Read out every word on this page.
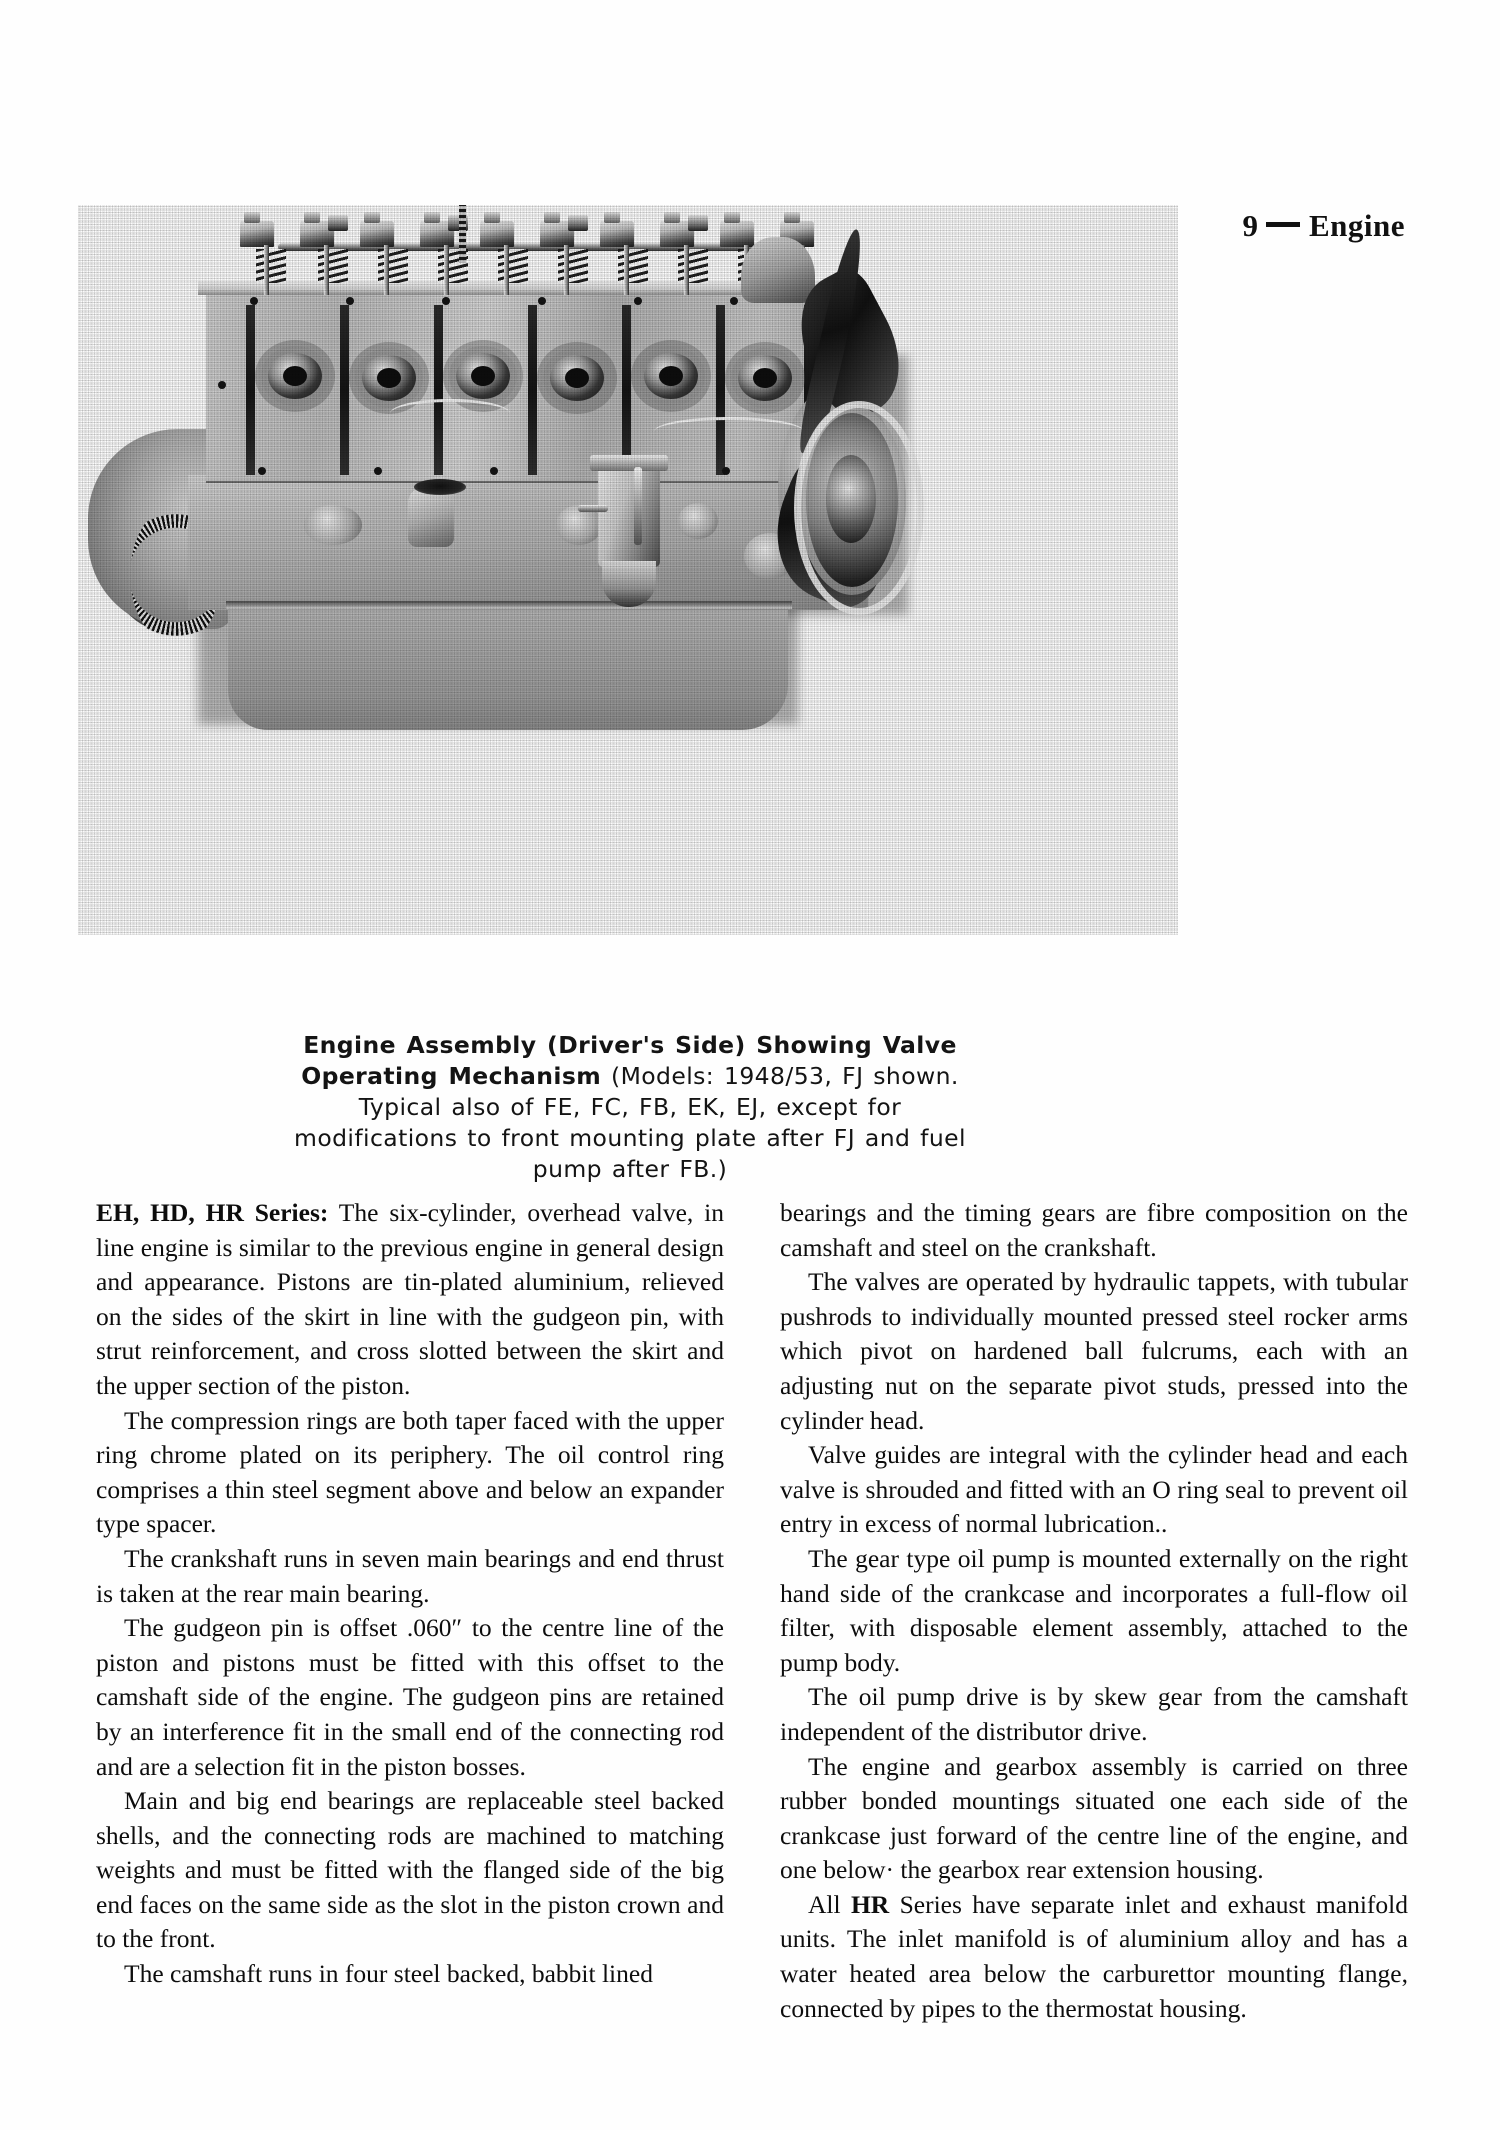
9 Engine
Engine Assembly (Driver's Side) Showing Valve Operating Mechanism (Models: 1948/53, FJ shown. Typical also of FE, FC, FB, EK, EJ, except for modifications to front mounting plate after FJ and fuel pump after FB.)

EH, HD, HR Series: The six-cylinder, overhead valve, in line engine is similar to the previous engine in general design and appearance. Pistons are tin-plated aluminium, relieved on the sides of the skirt in line with the gudgeon pin, with strut reinforcement, and cross slotted between the skirt and the upper section of the piston.

The compression rings are both taper faced with the upper ring chrome plated on its periphery. The oil control ring comprises a thin steel segment above and below an expander type spacer.

The crankshaft runs in seven main bearings and end thrust is taken at the rear main bearing.

The gudgeon pin is offset .060″ to the centre line of the piston and pistons must be fitted with this offset to the camshaft side of the engine. The gudgeon pins are retained by an interference fit in the small end of the connecting rod and are a selection fit in the piston bosses.

Main and big end bearings are replaceable steel backed shells, and the connecting rods are machined to matching weights and must be fitted with the flanged side of the big end faces on the same side as the slot in the piston crown and to the front.

The camshaft runs in four steel backed, babbit lined

bearings and the timing gears are fibre composition on the camshaft and steel on the crankshaft.

The valves are operated by hydraulic tappets, with tubular pushrods to individually mounted pressed steel rocker arms which pivot on hardened ball fulcrums, each with an adjusting nut on the separate pivot studs, pressed into the cylinder head.

Valve guides are integral with the cylinder head and each valve is shrouded and fitted with an O ring seal to prevent oil entry in excess of normal lubrication..

The gear type oil pump is mounted externally on the right hand side of the crankcase and incorporates a full-flow oil filter, with disposable element assembly, attached to the pump body.

The oil pump drive is by skew gear from the camshaft independent of the distributor drive.

The engine and gearbox assembly is carried on three rubber bonded mountings situated one each side of the crankcase just forward of the centre line of the engine, and one below· the gearbox rear extension housing.

All HR Series have separate inlet and exhaust manifold units. The inlet manifold is of aluminium alloy and has a water heated area below the carburettor mounting flange, connected by pipes to the thermostat housing.
